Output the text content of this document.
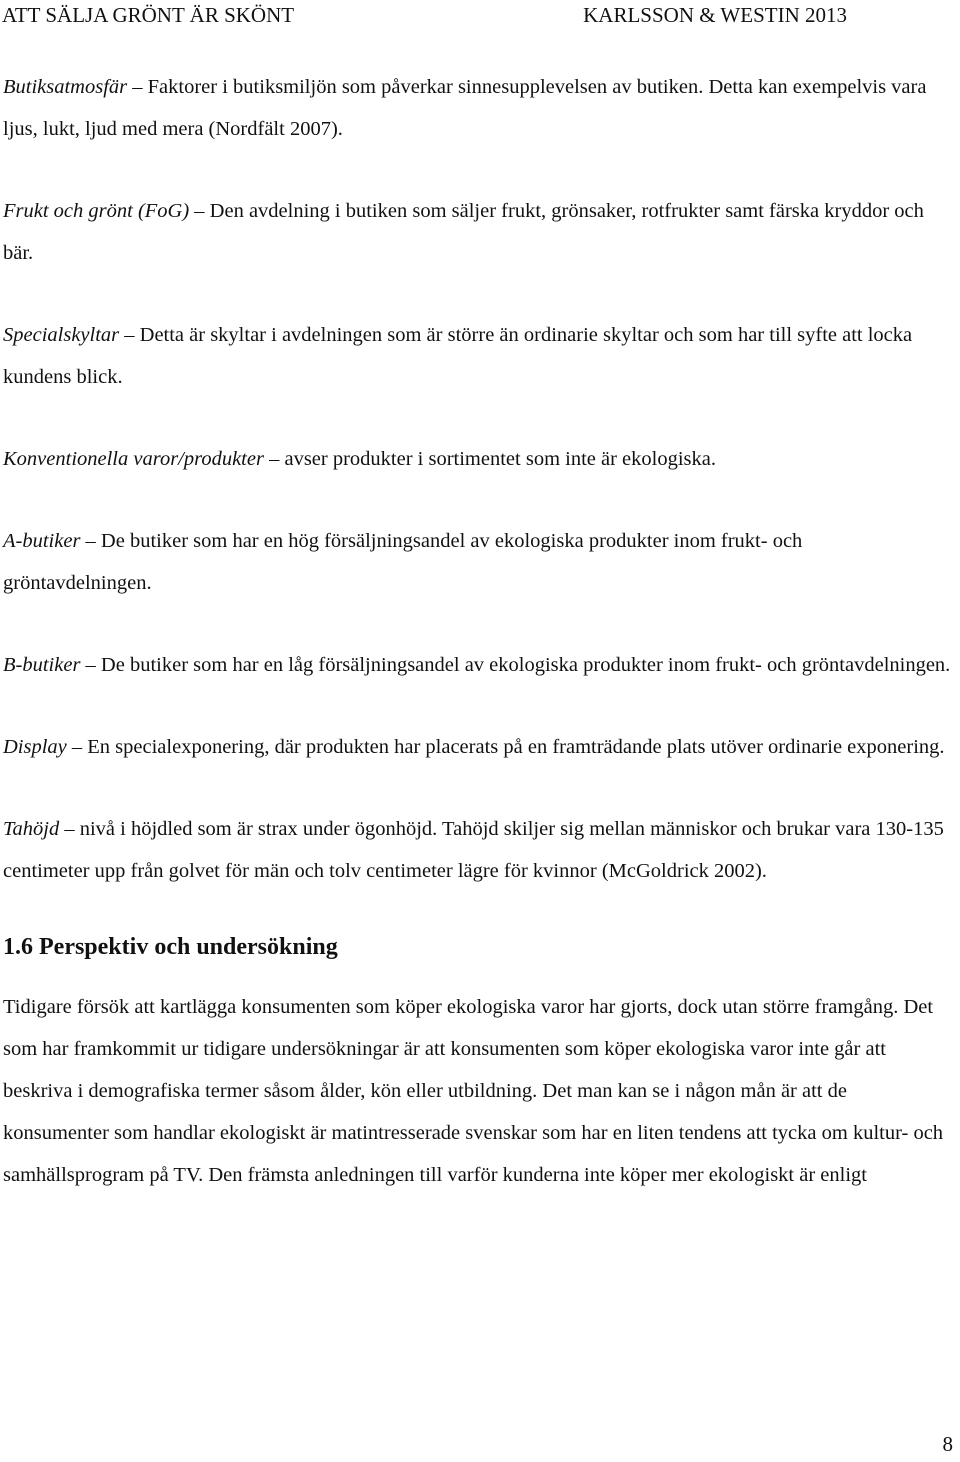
ATT SÄLJA GRÖNT ÄR SKÖNT	KARLSSON & WESTIN 2013

Butiksatmosfär – Faktorer i butiksmiljön som påverkar sinnesupplevelsen av butiken. Detta kan exempelvis vara ljus, lukt, ljud med mera (Nordfält 2007).

Frukt och grönt (FoG) – Den avdelning i butiken som säljer frukt, grönsaker, rotfrukter samt färska kryddor och bär.

Specialskyltar – Detta är skyltar i avdelningen som är större än ordinarie skyltar och som har till syfte att locka kundens blick.

Konventionella varor/produkter – avser produkter i sortimentet som inte är ekologiska.

A-butiker – De butiker som har en hög försäljningsandel av ekologiska produkter inom frukt- och gröntavdelningen.

B-butiker – De butiker som har en låg försäljningsandel av ekologiska produkter inom frukt- och gröntavdelningen.

Display – En specialexponering, där produkten har placerats på en framträdande plats utöver ordinarie exponering.

Tahöjd – nivå i höjdled som är strax under ögonhöjd. Tahöjd skiljer sig mellan människor och brukar vara 130-135 centimeter upp från golvet för män och tolv centimeter lägre för kvinnor (McGoldrick 2002).

1.6 Perspektiv och undersökning

Tidigare försök att kartlägga konsumenten som köper ekologiska varor har gjorts, dock utan större framgång. Det som har framkommit ur tidigare undersökningar är att konsumenten som köper ekologiska varor inte går att beskriva i demografiska termer såsom ålder, kön eller utbildning. Det man kan se i någon mån är att de konsumenter som handlar ekologiskt är matintresserade svenskar som har en liten tendens att tycka om kultur- och samhällsprogram på TV. Den främsta anledningen till varför kunderna inte köper mer ekologiskt är enligt

8
